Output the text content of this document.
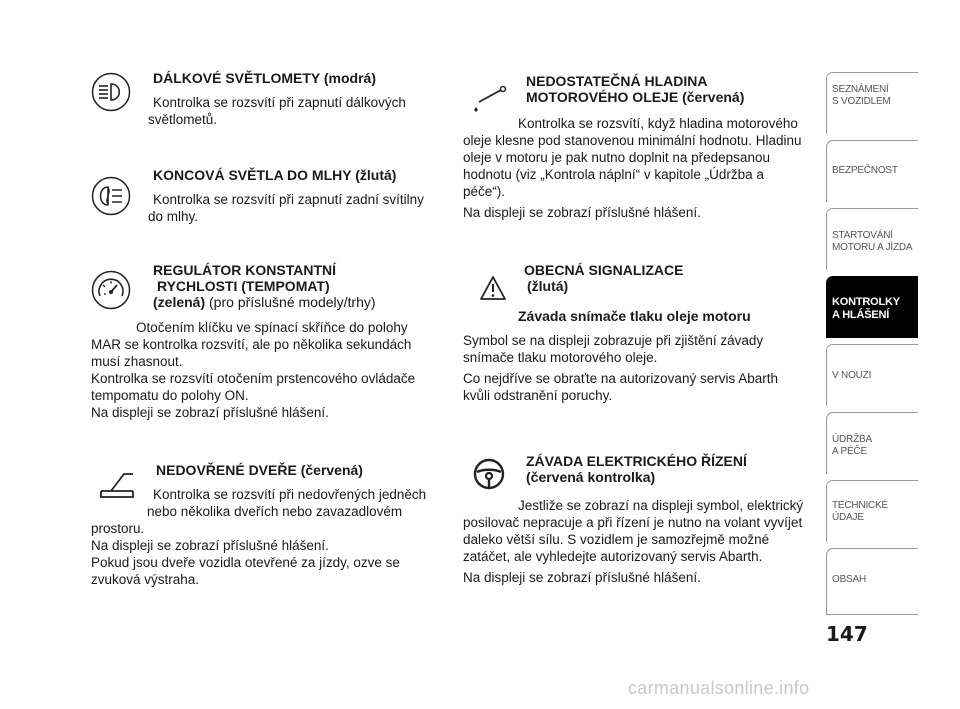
DÁLKOVÉ SVĚTLOMETY (modrá)

Kontrolka se rozsvítí při zapnutí dálkových

světlometů.

KONCOVÁ SVĚTLA DO MLHY (žlutá)

Kontrolka se rozsvítí při zapnutí zadní svítilny

do mlhy.

REGULÁTOR KONSTANTNÍ
RYCHLOSTI (TEMPOMAT)
(zelená) (pro příslušné modely/trhy)

Otočením klíčku ve spínací skříňce do polohy

MAR se kontrolka rozsvítí, ale po několika sekundách

musí zhasnout.

Kontrolka se rozsvítí otočením prstencového ovládače

tempomatu do polohy ON.

Na displeji se zobrazí příslušné hlášení.

NEDOVŘENÉ DVEŘE (červená)

Kontrolka se rozsvítí při nedovřených jedněch

nebo několika dveřích nebo zavazadlovém

prostoru.

Na displeji se zobrazí příslušné hlášení.

Pokud jsou dveře vozidla otevřené za jízdy, ozve se

zvuková výstraha.

NEDOSTATEČNÁ HLADINA
MOTOROVÉHO OLEJE (červená)

Kontrolka se rozsvítí, když hladina motorového

oleje klesne pod stanovenou minimální hodnotu. Hladinu

oleje v motoru je pak nutno doplnit na předepsanou

hodnotu (viz „Kontrola náplní“ v kapitole „Údržba a

péče“).

Na displeji se zobrazí příslušné hlášení.

OBECNÁ SIGNALIZACE
(žlutá)
Závada snímače tlaku oleje motoru

Symbol se na displeji zobrazuje při zjištění závady

snímače tlaku motorového oleje.

Co nejdříve se obraťte na autorizovaný servis Abarth

kvůli odstranění poruchy.

ZÁVADA ELEKTRICKÉHO ŘÍZENÍ
(červená kontrolka)

Jestliže se zobrazí na displeji symbol, elektrický

posilovač nepracuje a při řízení je nutno na volant vyvíjet

daleko větší sílu. S vozidlem je samozřejmě možné

zatáčet, ale vyhledejte autorizovaný servis Abarth.

Na displeji se zobrazí příslušné hlášení.

SEZNÁMENÍ
S VOZIDLEM
BEZPEČNOST
STARTOVÁNÍ
MOTORU A JÍZDA
KONTROLKY
A HLÁŠENÍ
V NOUZI
ÚDRŽBA
A PÉČE
TECHNICKÉ
ÚDAJE
OBSAH
147
carmanualsonline.info
